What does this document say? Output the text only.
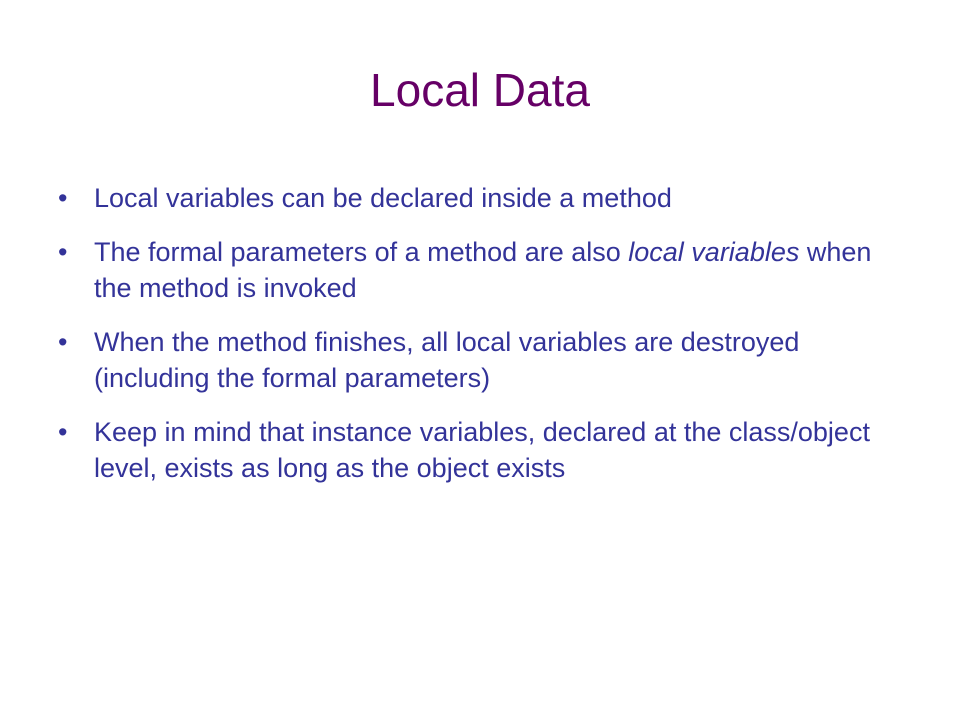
Local Data
• Local variables can be declared inside a method
• The formal parameters of a method are also local variables when the method is invoked
• When the method finishes, all local variables are destroyed (including the formal parameters)
• Keep in mind that instance variables, declared at the class/object level, exists as long as the object exists
